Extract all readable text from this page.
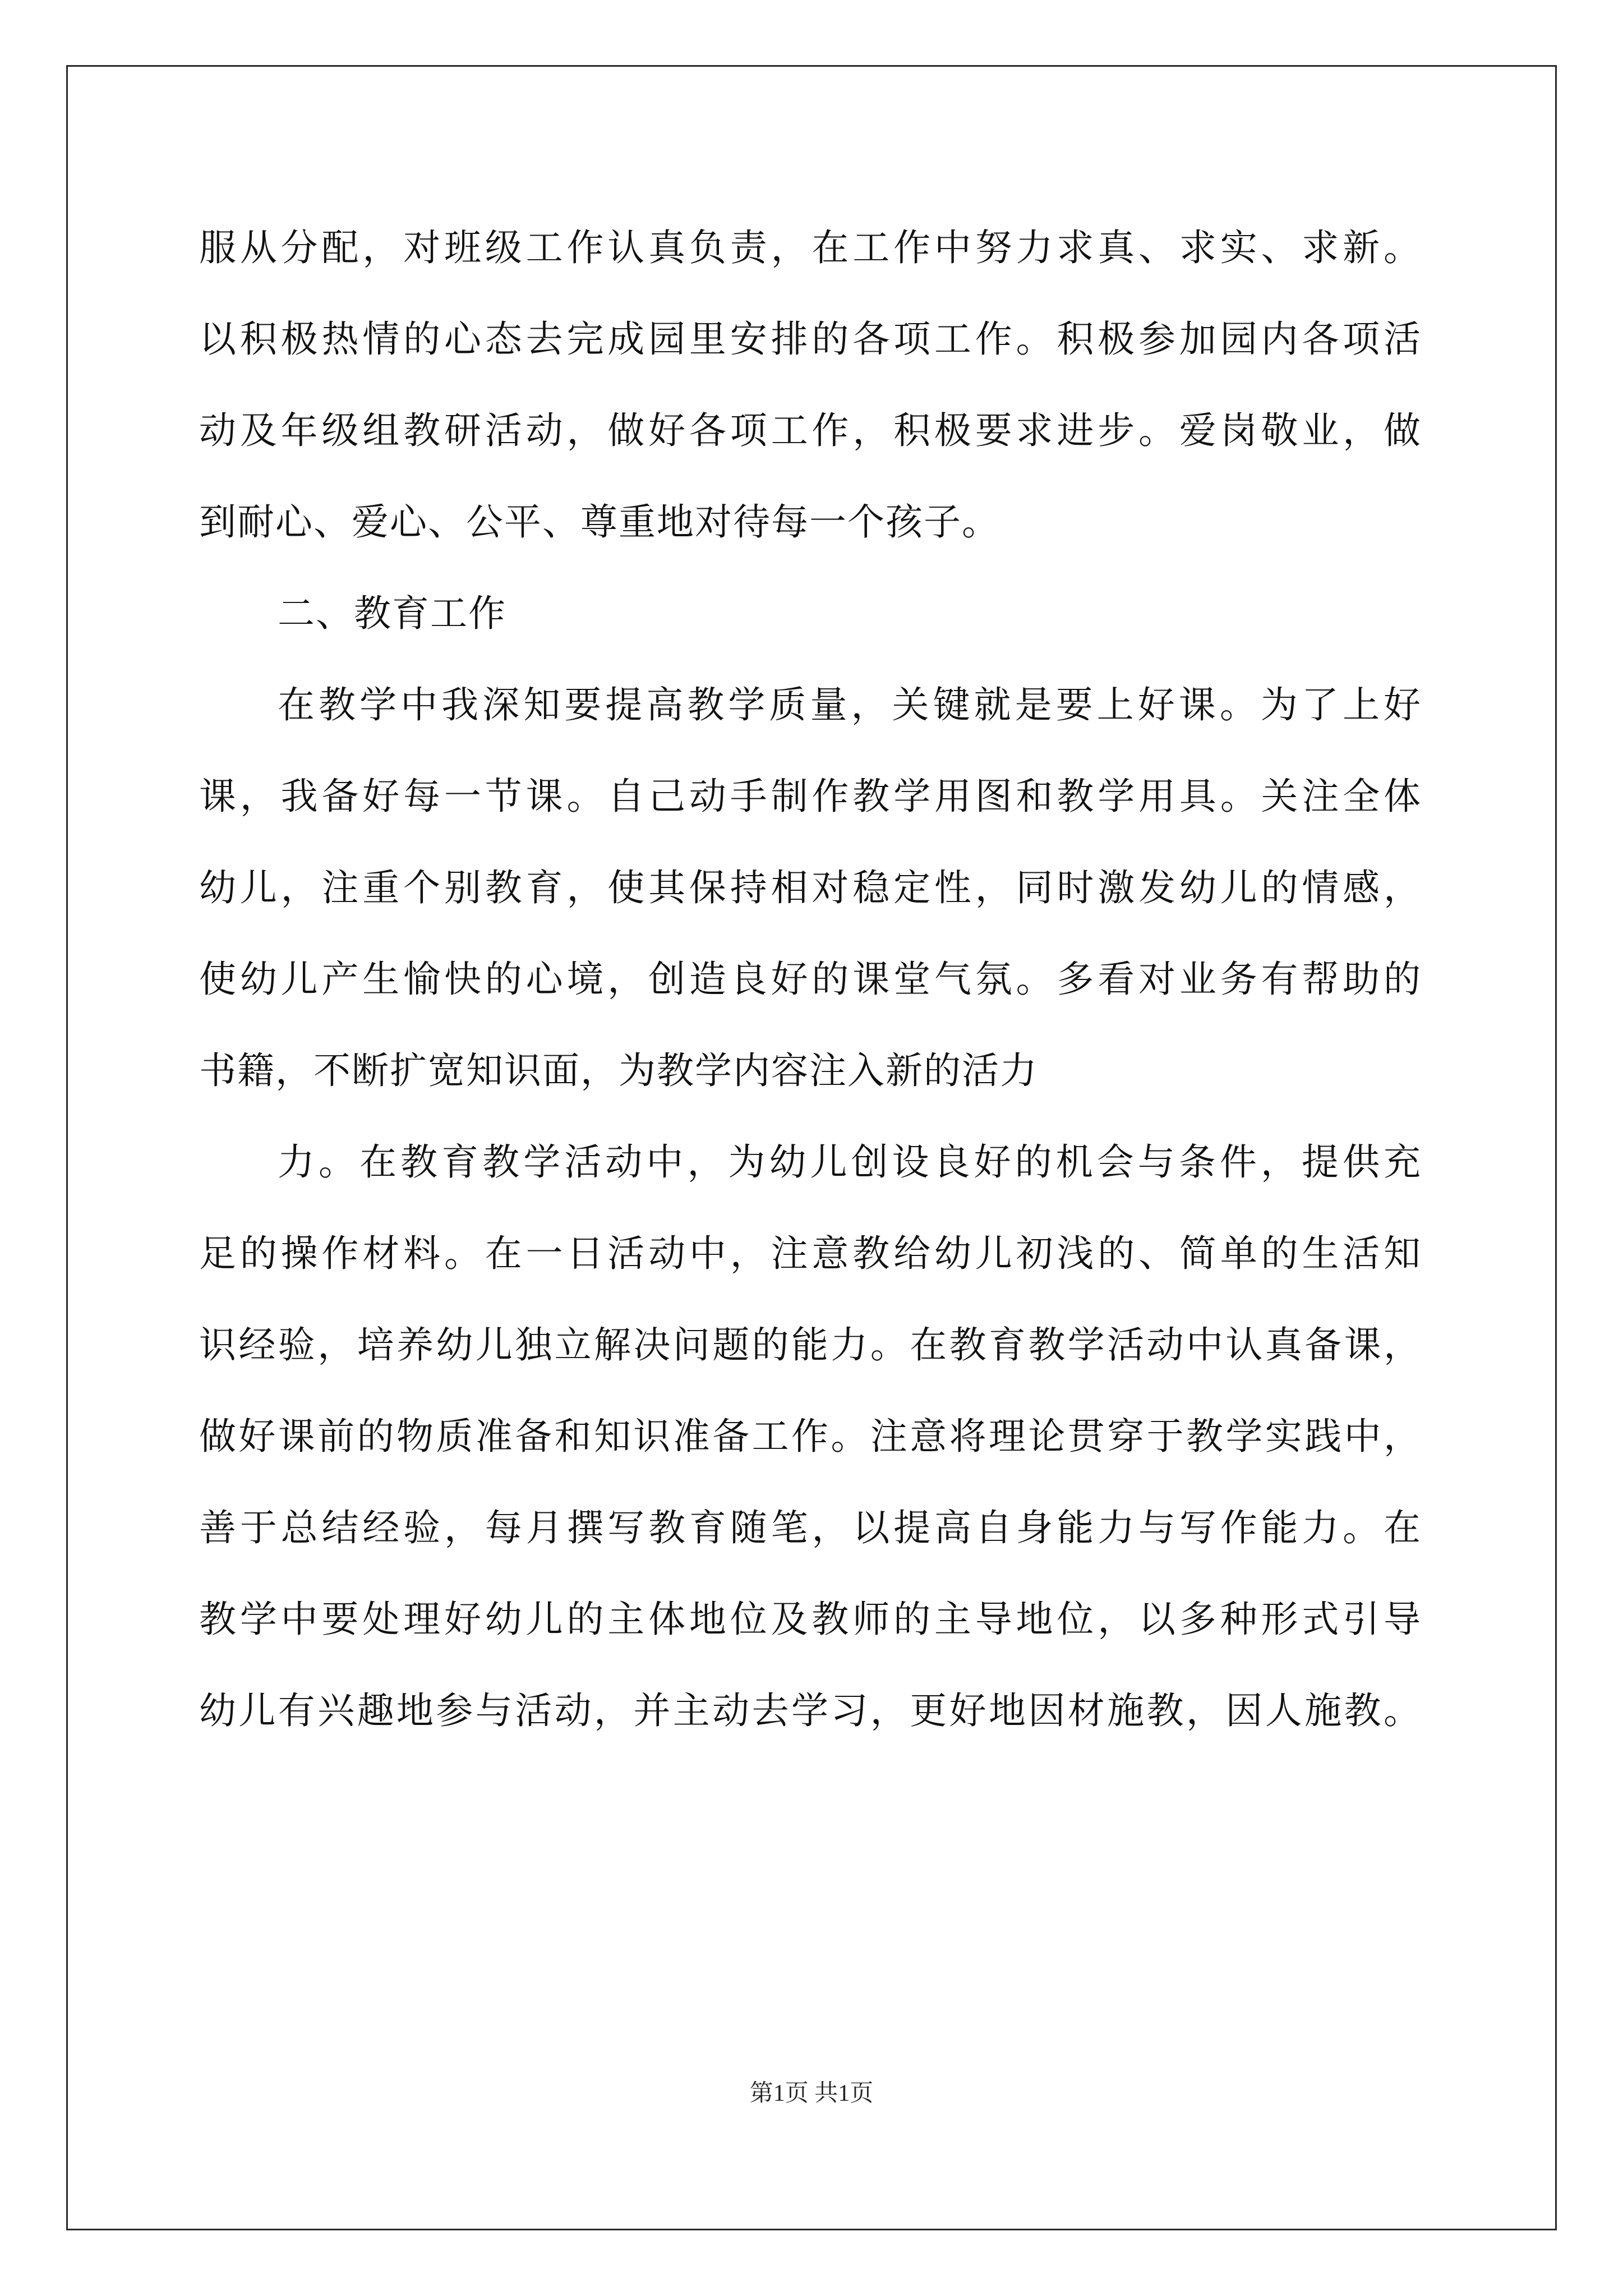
服从分配，对班级工作认真负责，在工作中努力求真、求实、求新。
以积极热情的心态去完成园里安排的各项工作。积极参加园内各项活
动及年级组教研活动，做好各项工作，积极要求进步。爱岗敬业，做
到耐心、爱心、公平、尊重地对待每一个孩子。
二、教育工作
在教学中我深知要提高教学质量，关键就是要上好课。为了上好
课，我备好每一节课。自己动手制作教学用图和教学用具。关注全体
幼儿，注重个别教育，使其保持相对稳定性，同时激发幼儿的情感，
使幼儿产生愉快的心境，创造良好的课堂气氛。多看对业务有帮助的
书籍，不断扩宽知识面，为教学内容注入新的活力
力。在教育教学活动中，为幼儿创设良好的机会与条件，提供充
足的操作材料。在一日活动中，注意教给幼儿初浅的、简单的生活知
识经验，培养幼儿独立解决问题的能力。在教育教学活动中认真备课，
做好课前的物质准备和知识准备工作。注意将理论贯穿于教学实践中，
善于总结经验，每月撰写教育随笔，以提高自身能力与写作能力。在
教学中要处理好幼儿的主体地位及教师的主导地位，以多种形式引导
幼儿有兴趣地参与活动，并主动去学习，更好地因材施教，因人施教。
第1页 共1页
